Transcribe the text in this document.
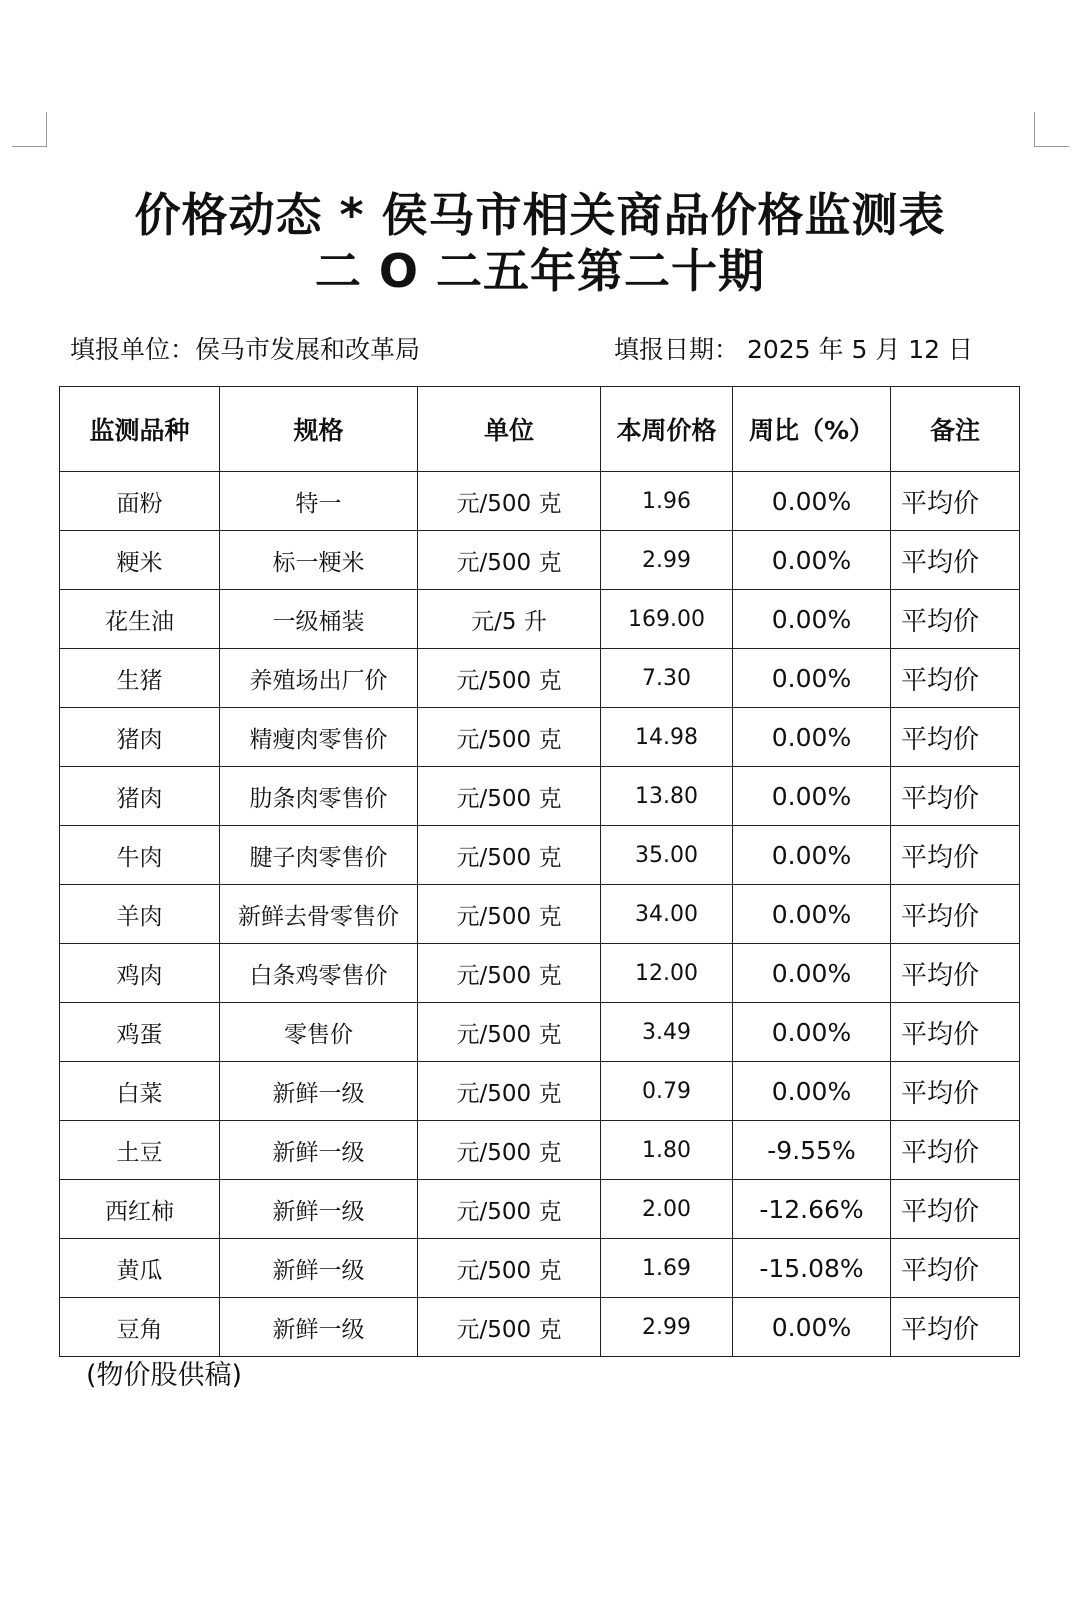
价格动态 * 侯马市相关商品价格监测表
二 O 二五年第二十期
填报单位：侯马市发展和改革局	填报日期： 2025 年 5 月 12 日
监测品种	规格	单位	本周价格	周比（%）	备注
面粉	特一	元/500 克	1.96	0.00%	平均价
粳米	标一粳米	元/500 克	2.99	0.00%	平均价
花生油	一级桶装	元/5 升	169.00	0.00%	平均价
生猪	养殖场出厂价	元/500 克	7.30	0.00%	平均价
猪肉	精瘦肉零售价	元/500 克	14.98	0.00%	平均价
猪肉	肋条肉零售价	元/500 克	13.80	0.00%	平均价
牛肉	腱子肉零售价	元/500 克	35.00	0.00%	平均价
羊肉	新鲜去骨零售价	元/500 克	34.00	0.00%	平均价
鸡肉	白条鸡零售价	元/500 克	12.00	0.00%	平均价
鸡蛋	零售价	元/500 克	3.49	0.00%	平均价
白菜	新鲜一级	元/500 克	0.79	0.00%	平均价
土豆	新鲜一级	元/500 克	1.80	-9.55%	平均价
西红柿	新鲜一级	元/500 克	2.00	-12.66%	平均价
黄瓜	新鲜一级	元/500 克	1.69	-15.08%	平均价
豆角	新鲜一级	元/500 克	2.99	0.00%	平均价
(物价股供稿)
